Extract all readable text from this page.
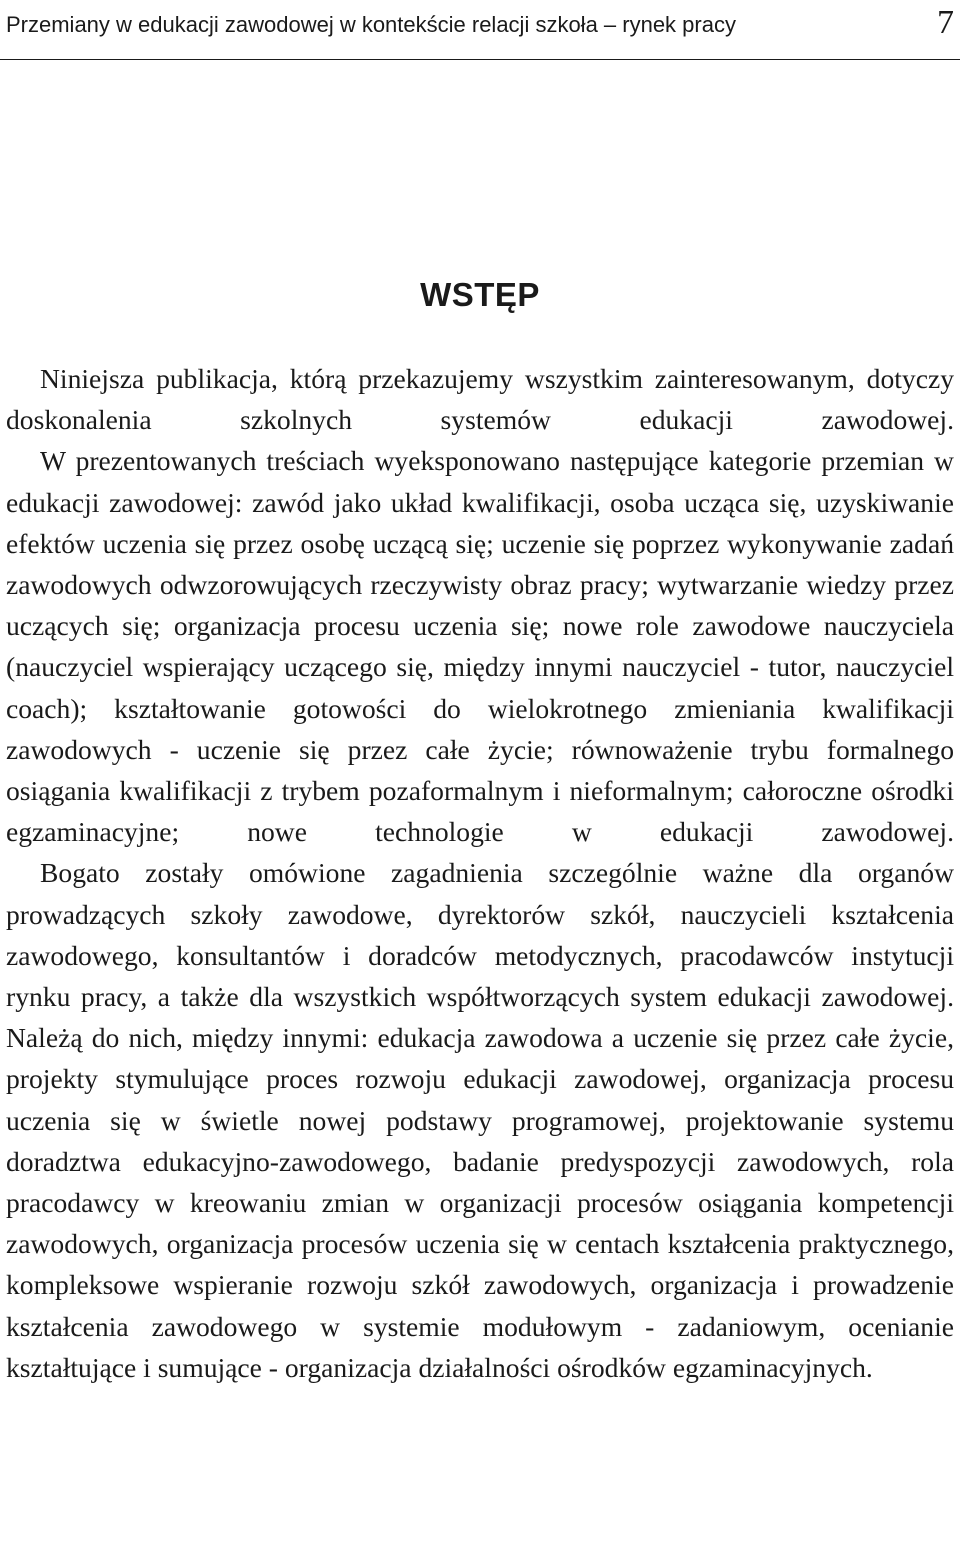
Przemiany w edukacji zawodowej w kontekście relacji szkoła – rynek pracy	7
WSTĘP

Niniejsza publikacja, którą przekazujemy wszystkim zainteresowanym, dotyczy doskonalenia szkolnych systemów edukacji zawodowej.

W prezentowanych treściach wyeksponowano następujące kategorie przemian w edukacji zawodowej: zawód jako układ kwalifikacji, osoba ucząca się, uzyskiwanie efektów uczenia się przez osobę uczącą się; uczenie się poprzez wykonywanie zadań zawodowych odwzorowujących rzeczywisty obraz pracy; wytwarzanie wiedzy przez uczących się; organizacja procesu uczenia się; nowe role zawodowe nauczyciela (nauczyciel wspierający uczącego się, między innymi nauczyciel - tutor, nauczyciel coach); kształtowanie gotowości do wielokrotnego zmieniania kwalifikacji zawodowych - uczenie się przez całe życie; równoważenie trybu formalnego osiągania kwalifikacji z trybem pozaformalnym i nieformalnym; całoroczne ośrodki egzaminacyjne; nowe technologie w edukacji zawodowej.

Bogato zostały omówione zagadnienia szczególnie ważne dla organów prowadzących szkoły zawodowe, dyrektorów szkół, nauczycieli kształcenia zawodowego, konsultantów i doradców metodycznych, pracodawców instytucji rynku pracy, a także dla wszystkich współtworzących system edukacji zawodowej. Należą do nich, między innymi: edukacja zawodowa a uczenie się przez całe życie, projekty stymulujące proces rozwoju edukacji zawodowej, organizacja procesu uczenia się w świetle nowej podstawy programowej, projektowanie systemu doradztwa edukacyjno-zawodowego, badanie predyspozycji zawodowych, rola pracodawcy w kreowaniu zmian w organizacji procesów osiągania kompetencji zawodowych, organizacja procesów uczenia się w centach kształcenia praktycznego, kompleksowe wspieranie rozwoju szkół zawodowych, organizacja i prowadzenie kształcenia zawodowego w systemie modułowym - zadaniowym, ocenianie kształtujące i sumujące - organizacja działalności ośrodków egzaminacyjnych.
